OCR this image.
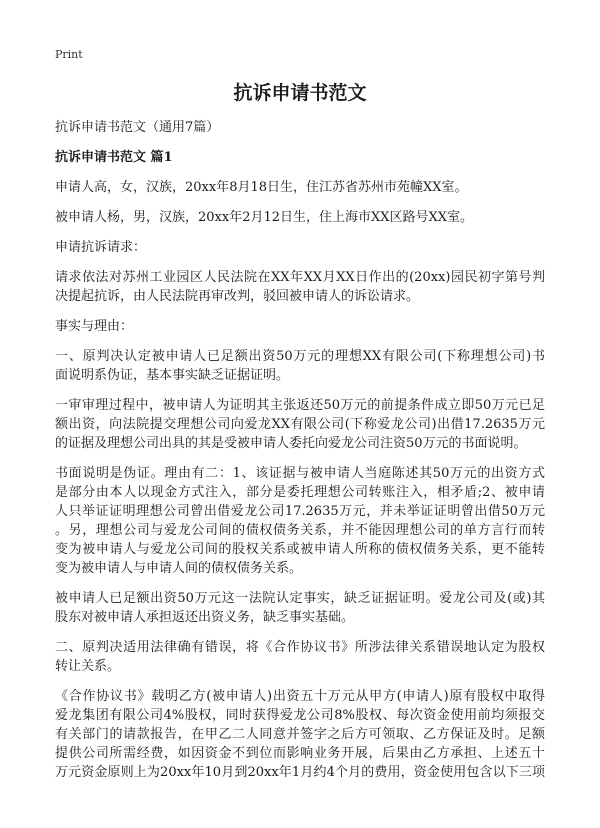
Print
抗诉申请书范文
抗诉申请书范文（通用7篇）
抗诉申请书范文 篇1
申请人高，女，汉族，20xx年8月18日生，住江苏省苏州市苑幢XX室。
被申请人杨，男，汉族，20xx年2月12日生，住上海市XX区路号XX室。
申请抗诉请求：
请求依法对苏州工业园区人民法院在XX年XX月XX日作出的(20xx)园民初字第号判
决提起抗诉，由人民法院再审改判，驳回被申请人的诉讼请求。
事实与理由：
一、原判决认定被申请人已足额出资50万元的理想XX有限公司(下称理想公司)书
面说明系伪证，基本事实缺乏证据证明。
一审审理过程中，被申请人为证明其主张返还50万元的前提条件成立即50万元已足
额出资，向法院提交理想公司向爱龙XX有限公司(下称爱龙公司)出借17.2635万元
的证据及理想公司出具的其是受被申请人委托向爱龙公司注资50万元的书面说明。
书面说明是伪证。理由有二：1、该证据与被申请人当庭陈述其50万元的出资方式
是部分由本人以现金方式注入，部分是委托理想公司转账注入，相矛盾;2、被申请
人只举证证明理想公司曾出借爱龙公司17.2635万元，并未举证证明曾出借50万元
。另，理想公司与爱龙公司间的债权债务关系，并不能因理想公司的单方言行而转
变为被申请人与爱龙公司间的股权关系或被申请人所称的债权债务关系，更不能转
变为被申请人与申请人间的债权债务关系。
被申请人已足额出资50万元这一法院认定事实，缺乏证据证明。爱龙公司及(或)其
股东对被申请人承担返还出资义务，缺乏事实基础。
二、原判决适用法律确有错误，将《合作协议书》所涉法律关系错误地认定为股权
转让关系。
《合作协议书》载明乙方(被申请人)出资五十万元从甲方(申请人)原有股权中取得
爱龙集团有限公司4%股权，同时获得爱龙公司8%股权、每次资金使用前均须报交
有关部门的请款报告，在甲乙二人同意并签字之后方可领取、乙方保证及时。足额
提供公司所需经费，如因资金不到位而影响业务开展，后果由乙方承担、上述五十
万元资金原则上为20xx年10月到20xx年1月约4个月的费用，资金使用包含以下三项
